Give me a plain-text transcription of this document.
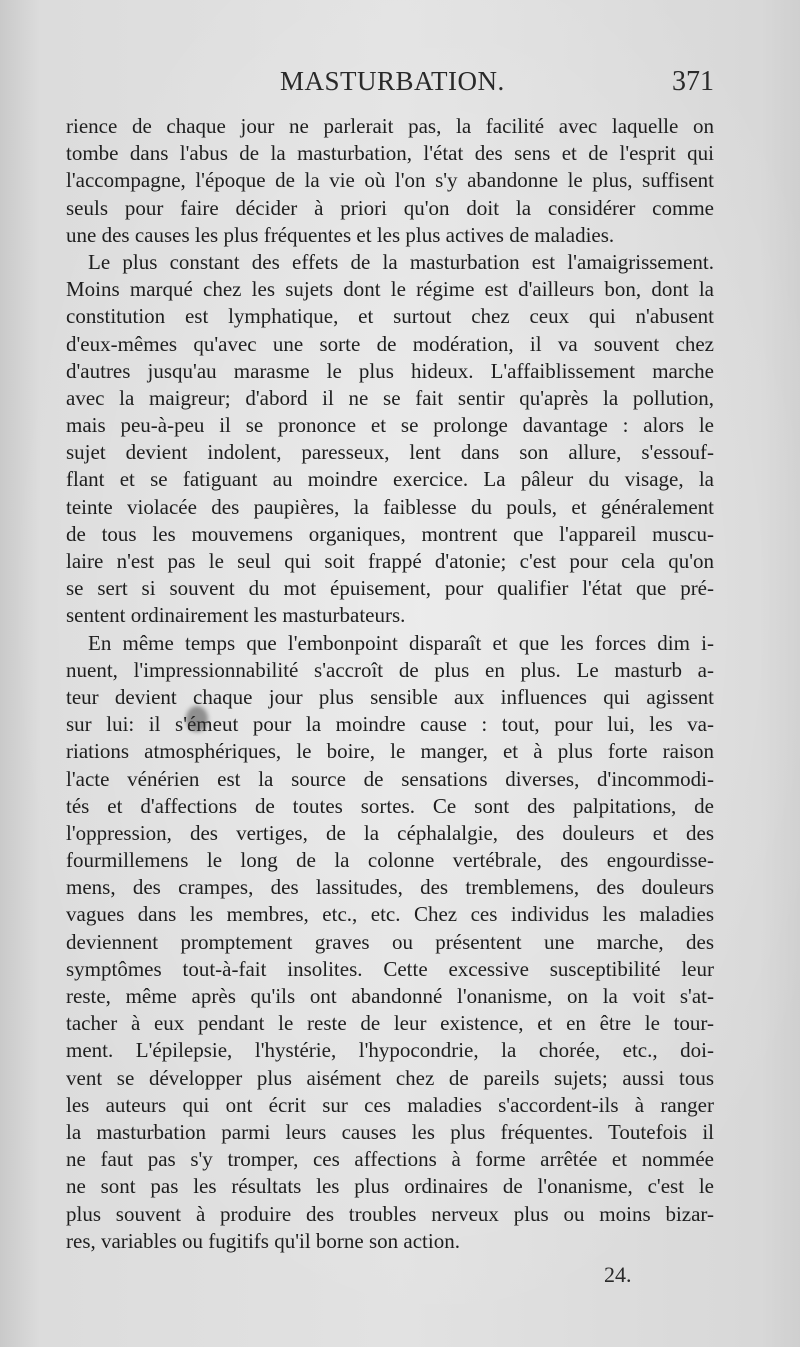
MASTURBATION.	371
rience de chaque jour ne parlerait pas, la facilité avec laquelle on
tombe dans l'abus de la masturbation, l'état des sens et de l'esprit qui
l'accompagne, l'époque de la vie où l'on s'y abandonne le plus, suffisent
seuls pour faire décider à priori qu'on doit la considérer comme
une des causes les plus fréquentes et les plus actives de maladies.
Le plus constant des effets de la masturbation est l'amaigrissement.
Moins marqué chez les sujets dont le régime est d'ailleurs bon, dont la
constitution est lymphatique, et surtout chez ceux qui n'abusent
d'eux-mêmes qu'avec une sorte de modération, il va souvent chez
d'autres jusqu'au marasme le plus hideux. L'affaiblissement marche
avec la maigreur; d'abord il ne se fait sentir qu'après la pollution,
mais peu-à-peu il se prononce et se prolonge davantage : alors le
sujet devient indolent, paresseux, lent dans son allure, s'essouf-
flant et se fatiguant au moindre exercice. La pâleur du visage, la
teinte violacée des paupières, la faiblesse du pouls, et généralement
de tous les mouvemens organiques, montrent que l'appareil muscu-
laire n'est pas le seul qui soit frappé d'atonie; c'est pour cela qu'on
se sert si souvent du mot épuisement, pour qualifier l'état que pré-
sentent ordinairement les masturbateurs.
En même temps que l'embonpoint disparaît et que les forces dim i-
nuent, l'impressionnabilité s'accroît de plus en plus. Le masturb a-
teur devient chaque jour plus sensible aux influences qui agissent
sur lui: il s'émeut pour la moindre cause : tout, pour lui, les va-
riations atmosphériques, le boire, le manger, et à plus forte raison
l'acte vénérien est la source de sensations diverses, d'incommodi-
tés et d'affections de toutes sortes. Ce sont des palpitations, de
l'oppression, des vertiges, de la céphalalgie, des douleurs et des
fourmillemens le long de la colonne vertébrale, des engourdisse-
mens, des crampes, des lassitudes, des tremblemens, des douleurs
vagues dans les membres, etc., etc. Chez ces individus les maladies
deviennent promptement graves ou présentent une marche, des
symptômes tout-à-fait insolites. Cette excessive susceptibilité leur
reste, même après qu'ils ont abandonné l'onanisme, on la voit s'at-
tacher à eux pendant le reste de leur existence, et en être le tour-
ment. L'épilepsie, l'hystérie, l'hypocondrie, la chorée, etc., doi-
vent se développer plus aisément chez de pareils sujets; aussi tous
les auteurs qui ont écrit sur ces maladies s'accordent-ils à ranger
la masturbation parmi leurs causes les plus fréquentes. Toutefois il
ne faut pas s'y tromper, ces affections à forme arrêtée et nommée
ne sont pas les résultats les plus ordinaires de l'onanisme, c'est le
plus souvent à produire des troubles nerveux plus ou moins bizar-
res, variables ou fugitifs qu'il borne son action.
24.
